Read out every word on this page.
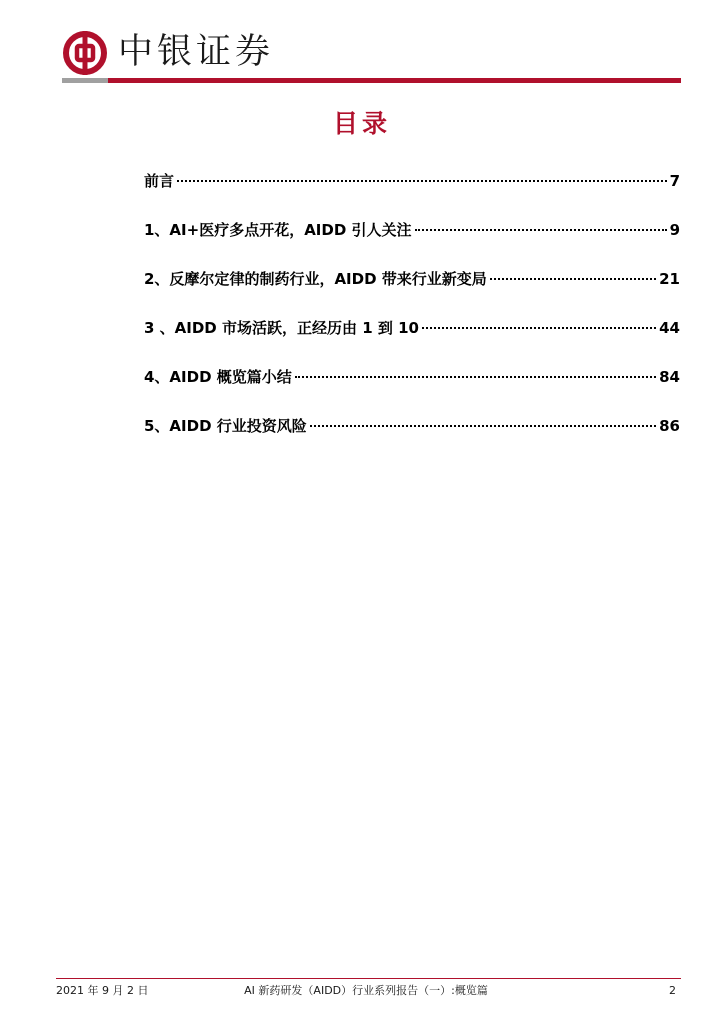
中银证券
目录
前言	7
1、AI+医疗多点开花，AIDD 引人关注	9
2、反摩尔定律的制药行业，AIDD 带来行业新变局	21
3 、AIDD 市场活跃，正经历由 1 到 10	44
4、AIDD 概览篇小结	84
5、AIDD 行业投资风险	86
AI 新药研发（AIDD）行业系列报告（一）:概览篇
2021 年 9 月 2 日	2
